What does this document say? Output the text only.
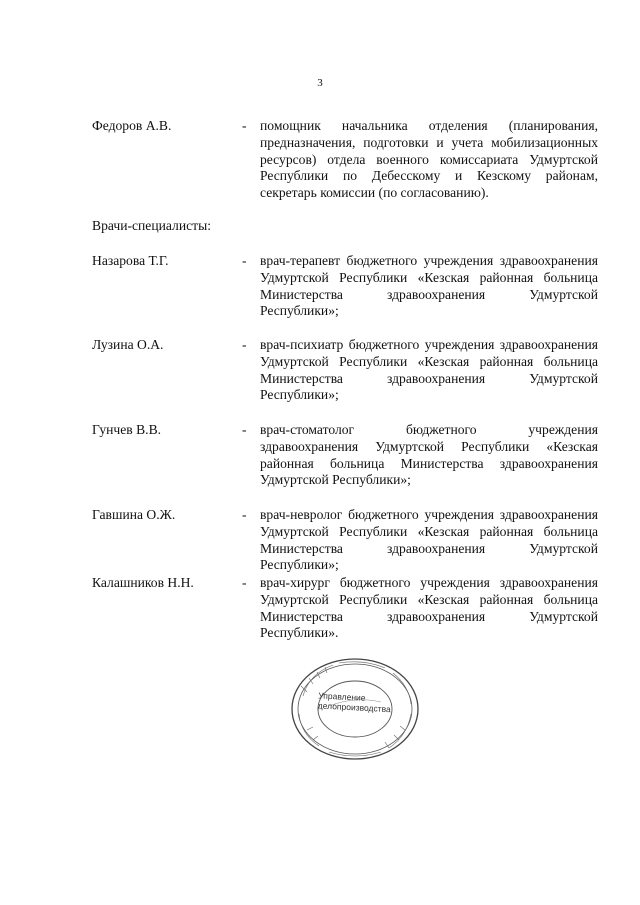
3
Федоров А.В.	- помощник начальника отделения (планирования, предназначения, подготовки и учета мобилизационных ресурсов) отдела военного комиссариата Удмуртской Республики по Дебесскому и Кезскому районам, секретарь комиссии (по согласованию).
Врачи-специалисты:
Назарова Т.Г.	- врач-терапевт бюджетного учреждения здравоохранения Удмуртской Республики «Кезская районная больница Министерства здравоохранения Удмуртской Республики»;
Лузина О.А.	- врач-психиатр бюджетного учреждения здравоохранения Удмуртской Республики «Кезская районная больница Министерства здравоохранения Удмуртской Республики»;
Гунчев В.В.	- врач-стоматолог бюджетного учреждения здравоохранения Удмуртской Республики «Кезская районная больница Министерства здравоохранения Удмуртской Республики»;
Гавшина О.Ж.	- врач-невролог бюджетного учреждения здравоохранения Удмуртской Республики «Кезская районная больница Министерства здравоохранения Удмуртской Республики»;
Калашников Н.Н.	- врач-хирург бюджетного учреждения здравоохранения Удмуртской Республики «Кезская районная больница Министерства здравоохранения Удмуртской Республики».
Управление
делопроизводства
